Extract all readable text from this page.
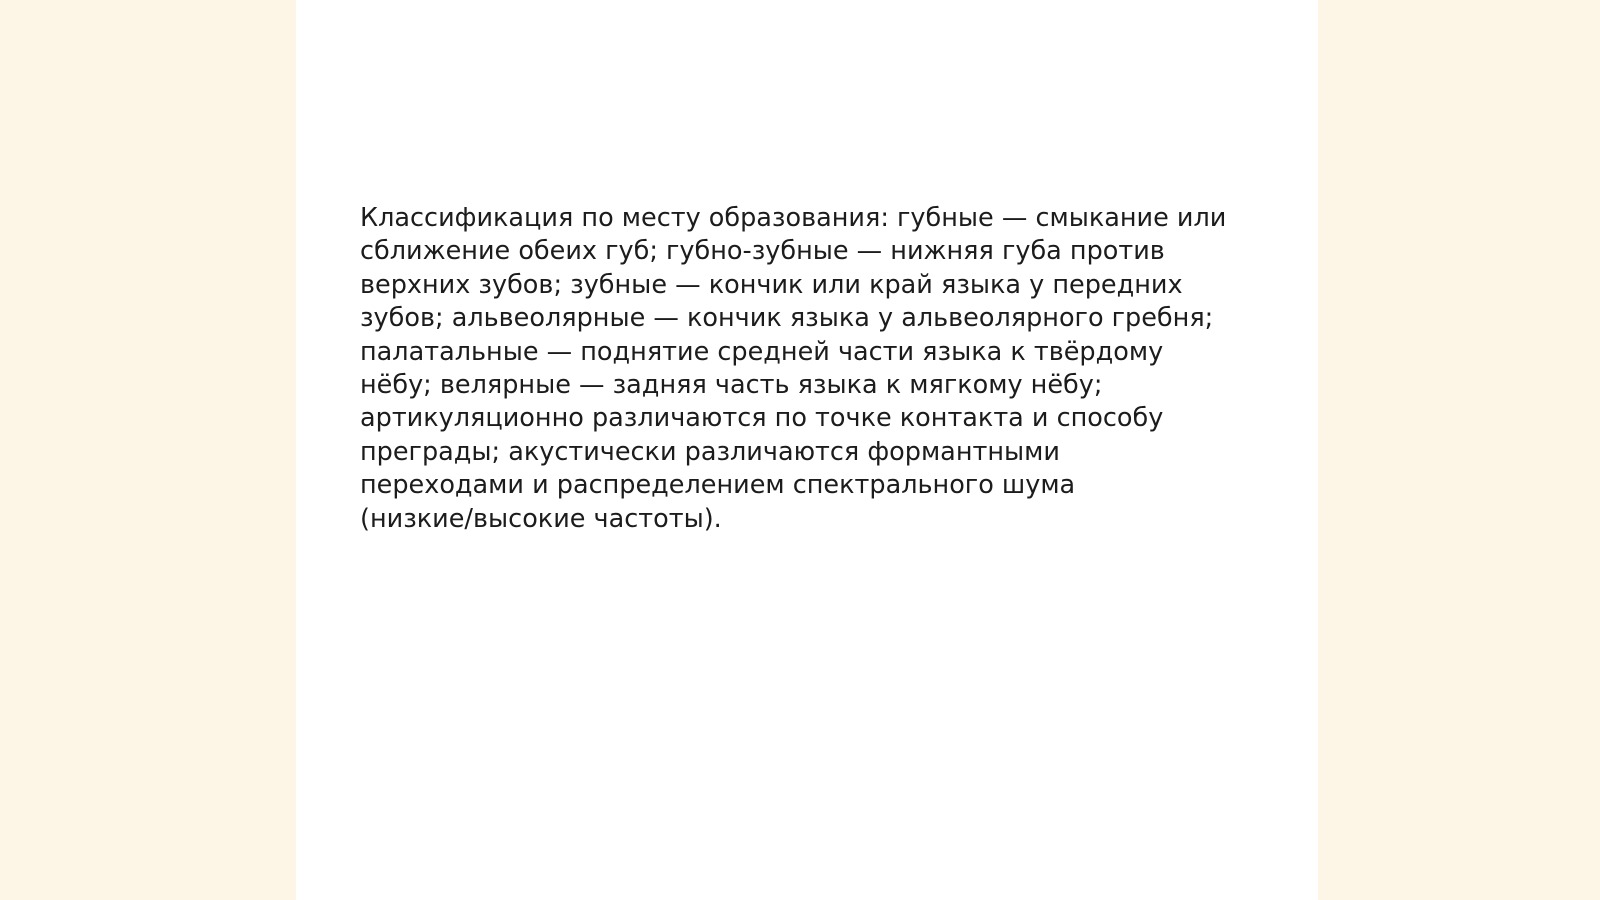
Классификация по месту образования: губные — смыкание или
сближение обеих губ; губно-зубные — нижняя губа против
верхних зубов; зубные — кончик или край языка у передних
зубов; альвеолярные — кончик языка у альвеолярного гребня;
палатальные — поднятие средней части языка к твёрдому
нёбу; велярные — задняя часть языка к мягкому нёбу;
артикуляционно различаются по точке контакта и способу
преграды; акустически различаются формантными
переходами и распределением спектрального шума
(низкие/высокие частоты).
